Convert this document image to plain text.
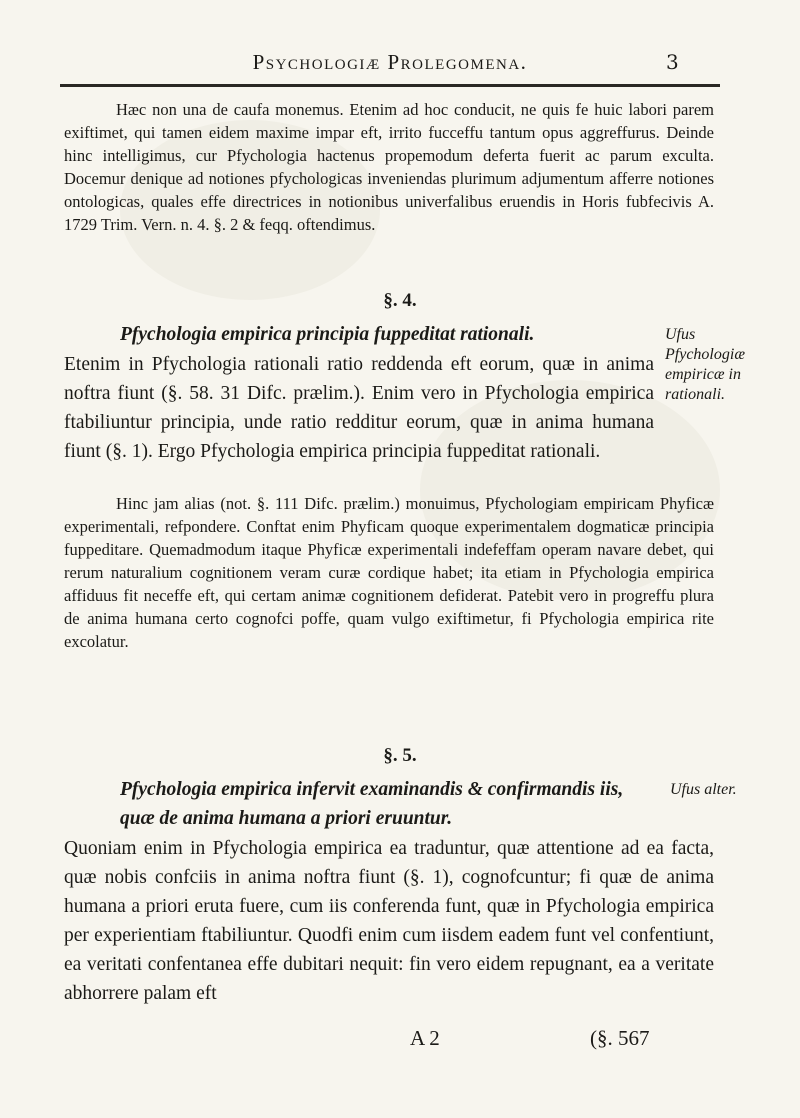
Psychologiæ Prolegomena.	3
Hæc non una de caufa monemus. Etenim ad hoc conducit, ne quis fe huic labori parem exiftimet, qui tamen eidem maxime impar eft, irrito fucceffu tantum opus aggreffurus. Deinde hinc intelligimus, cur Pfychologia hactenus propemodum deferta fuerit ac parum exculta. Docemur denique ad notiones pfychologicas inveniendas plurimum adjumentum afferre notiones ontologicas, quales effe directrices in notionibus univerfalibus eruendis in Horis fubfecivis A. 1729 Trim. Vern. n. 4. §. 2 & feqq. oftendimus.
§. 4.
Pfychologia empirica principia fuppeditat rationali.	Ufus Pfychologiæ empiricæ in rationali.
Etenim in Pfychologia rationali ratio reddenda eft eorum, quæ in anima noftra fiunt (§. 58. 31 Difc. prælim.). Enim vero in Pfychologia empirica ftabiliuntur principia, unde ratio redditur eorum, quæ in anima humana fiunt (§. 1). Ergo Pfychologia empirica principia fuppeditat rationali.
Hinc jam alias (not. §. 111 Difc. prælim.) monuimus, Pfychologiam empiricam Phyficæ experimentali, refpondere. Conftat enim Phyficam quoque experimentalem dogmaticæ principia fuppeditare. Quemadmodum itaque Phyficæ experimentali indefeffam operam navare debet, qui rerum naturalium cognitionem veram curæ cordique habet; ita etiam in Pfychologia empirica affiduus fit neceffe eft, qui certam animæ cognitionem defiderat. Patebit vero in progreffu plura de anima humana certo cognofci poffe, quam vulgo exiftimetur, fi Pfychologia empirica rite excolatur.
§. 5.
Pfychologia empirica infervit examinandis & confirmandis iis, quæ de anima humana a priori eruuntur.
Ufus alter.
Quoniam enim in Pfychologia empirica ea traduntur, quæ attentione ad ea facta, quæ nobis confciis in anima noftra fiunt (§. 1), cognofcuntur; fi quæ de anima humana a priori eruta fuere, cum iis conferenda funt, quæ in Pfychologia empirica per experientiam ftabiliuntur. Quodfi enim cum iisdem eadem funt vel confentiunt, ea veritati confentanea effe dubitari nequit: fin vero eidem repugnant, ea a veritate abhorrere palam eft
A 2	(§. 567
